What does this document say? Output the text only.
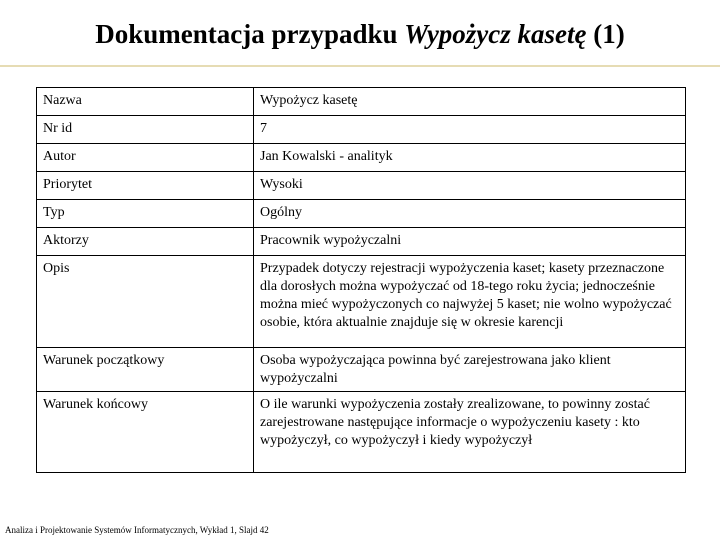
Dokumentacja przypadku Wypożycz kasetę (1)
Nazwa	Wypożycz kasetę
Nr id	7
Autor	Jan Kowalski - analityk
Priorytet	Wysoki
Typ	Ogólny
Aktorzy	Pracownik wypożyczalni
Opis	Przypadek dotyczy rejestracji wypożyczenia kaset; kasety przeznaczone dla dorosłych można wypożyczać od 18-tego roku życia; jednocześnie można mieć wypożyczonych co najwyżej 5 kaset; nie wolno wypożyczać osobie, która aktualnie znajduje się w okresie karencji
Warunek początkowy	Osoba wypożyczająca powinna być zarejestrowana jako klient wypożyczalni
Warunek końcowy	O ile warunki wypożyczenia zostały zrealizowane, to powinny zostać zarejestrowane następujące informacje o wypożyczeniu kasety : kto wypożyczył, co wypożyczył i kiedy wypożyczył
Analiza i Projektowanie Systemów Informatycznych, Wykład 1, Slajd 42
